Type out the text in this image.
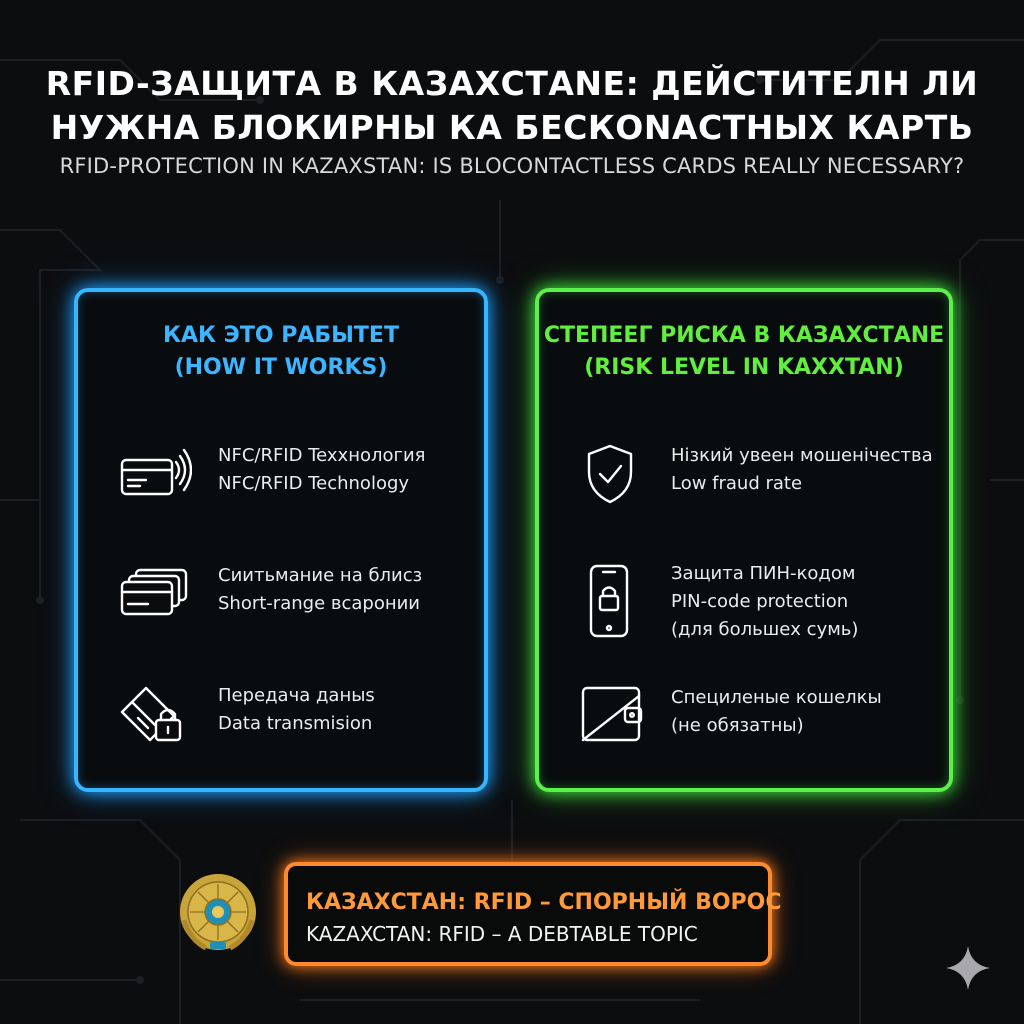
RFID-ЗАЩИТА В КАЗАХСТАNE: ДЕЙСТИТЕЛН ЛИ
НУЖНА БЛОКИРНЫ КА БЕСКОNАСТНЫХ КАРТЬ
RFID-PROTECTION IN KAZAXSTAN: IS BLOCONTACTLESS CARDS REALLY NECESSARY?
КАК ЭТО РАБЫТЕТ
(HOW IT WORKS)
NFC/RFID Texxнология
NFC/RFID Technology
Сиитьмание на блисз
Short-range всаронии
Передача даныs
Data transmision
СТЕПЕЕГ РИСКА В КАЗАХСТАNE
(RISK LEVEL IN KAXXTAN)
Нізкий увеен мошенічества
Low fraud rate
Защита ПИН-кодом
PIN-code protection
(для большех сумь)
Специленые кошелкы
(не обязатны)
КАЗАХСТАН: RFID – СПОРНЫЙ ВОРОС
KAZAXCTAN: RFID – A DEBTABLE TOPIC
